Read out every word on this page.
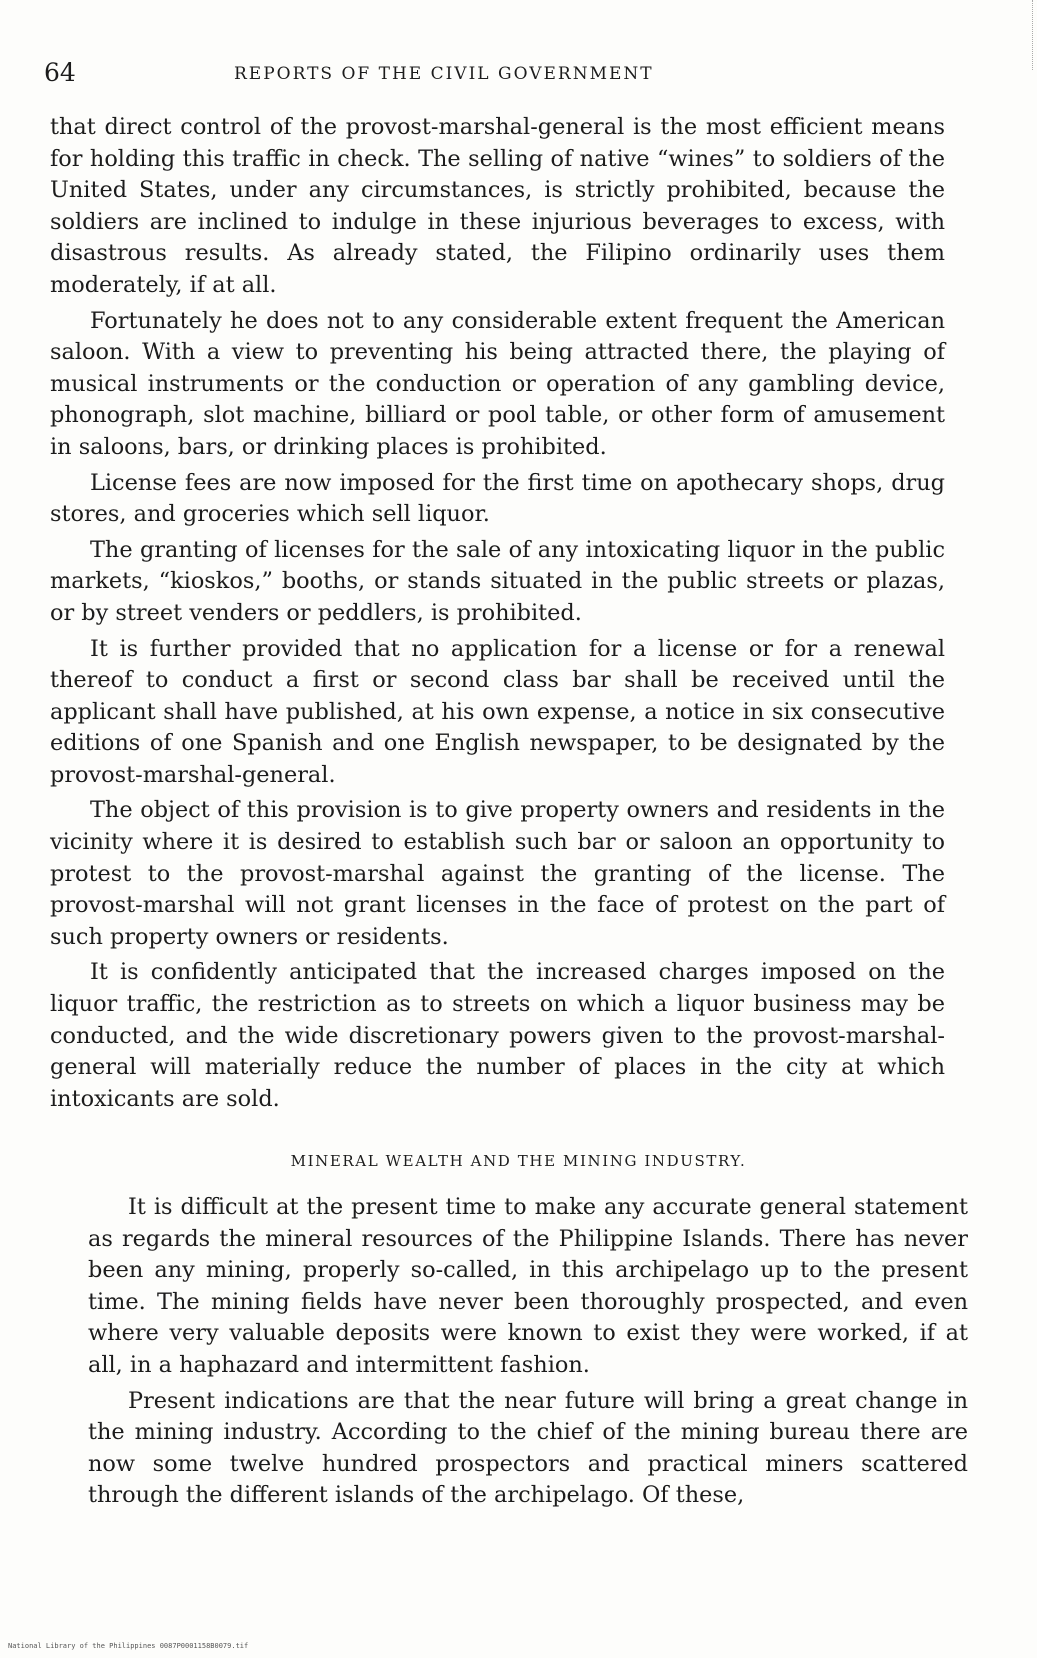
64	REPORTS OF THE CIVIL GOVERNMENT

that direct control of the provost-marshal-general is the most efficient means for holding this traffic in check. The selling of native “wines” to soldiers of the United States, under any circumstances, is strictly prohibited, because the soldiers are inclined to indulge in these injurious beverages to excess, with disastrous results. As already stated, the Filipino ordinarily uses them moderately, if at all.

Fortunately he does not to any considerable extent frequent the American saloon. With a view to preventing his being attracted there, the playing of musical instruments or the conduction or operation of any gambling device, phonograph, slot machine, billiard or pool table, or other form of amusement in saloons, bars, or drinking places is prohibited.

License fees are now imposed for the first time on apothecary shops, drug stores, and groceries which sell liquor.

The granting of licenses for the sale of any intoxicating liquor in the public markets, “kioskos,” booths, or stands situated in the public streets or plazas, or by street venders or peddlers, is prohibited.

It is further provided that no application for a license or for a renewal thereof to conduct a first or second class bar shall be received until the applicant shall have published, at his own expense, a notice in six consecutive editions of one Spanish and one English newspaper, to be designated by the provost-marshal-general.

The object of this provision is to give property owners and residents in the vicinity where it is desired to establish such bar or saloon an opportunity to protest to the provost-marshal against the granting of the license. The provost-marshal will not grant licenses in the face of protest on the part of such property owners or residents.

It is confidently anticipated that the increased charges imposed on the liquor traffic, the restriction as to streets on which a liquor business may be conducted, and the wide discretionary powers given to the provost-marshal-general will materially reduce the number of places in the city at which intoxicants are sold.

MINERAL WEALTH AND THE MINING INDUSTRY.

It is difficult at the present time to make any accurate general statement as regards the mineral resources of the Philippine Islands. There has never been any mining, properly so-called, in this archipelago up to the present time. The mining fields have never been thoroughly prospected, and even where very valuable deposits were known to exist they were worked, if at all, in a haphazard and intermittent fashion.

Present indications are that the near future will bring a great change in the mining industry. According to the chief of the mining bureau there are now some twelve hundred prospectors and practical miners scattered through the different islands of the archipelago. Of these,

National Library of the Philippines 0087P0001158B0079.tif
